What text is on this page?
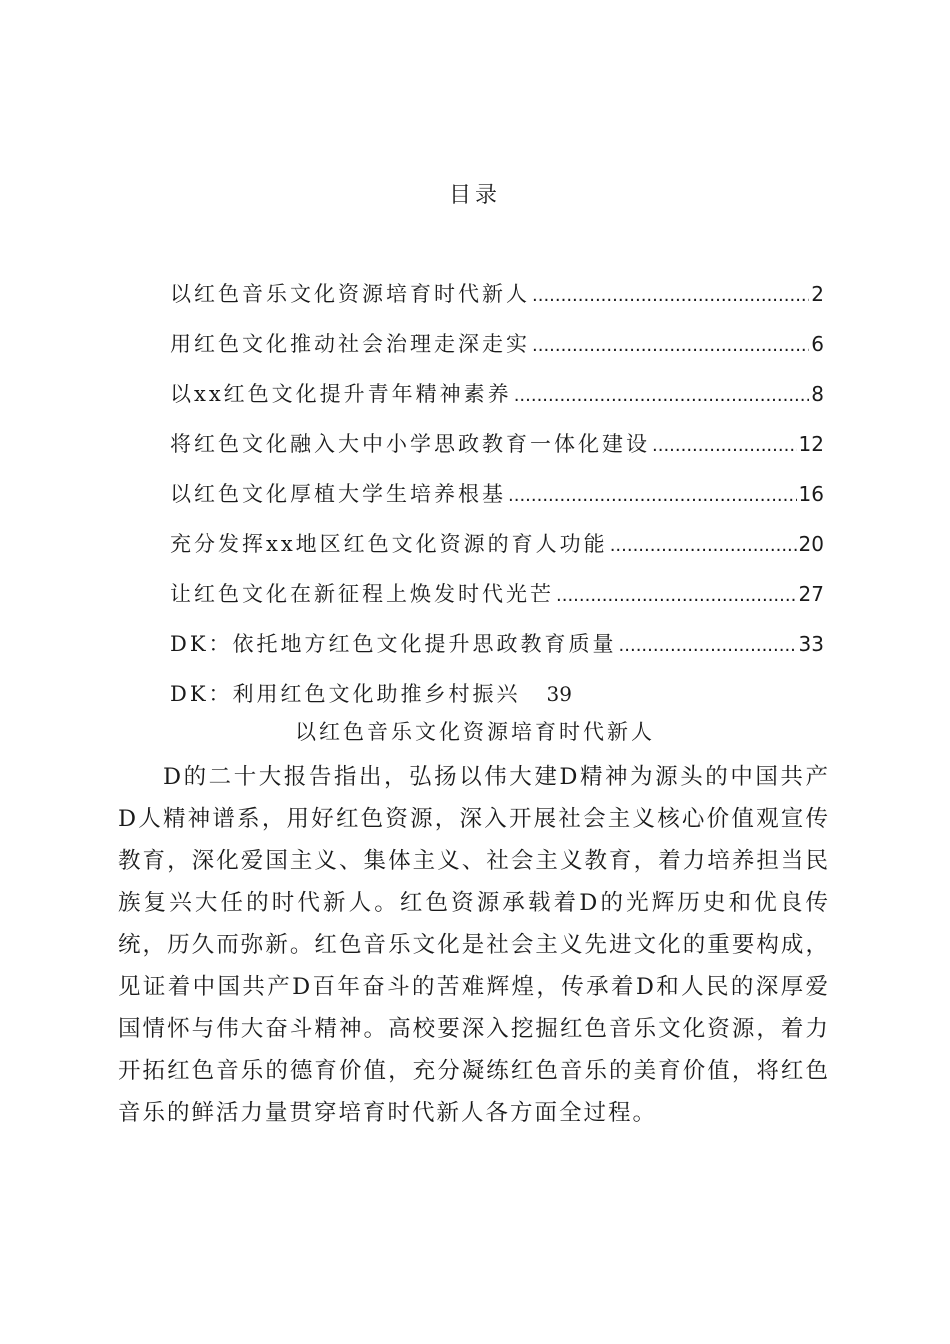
目录
以红色音乐文化资源培育时代新人 .....	2
用红色文化推动社会治理走深走实 .....	6
以xx红色文化提升青年精神素养 .....	8
将红色文化融入大中小学思政教育一体化建设 .....	12
以红色文化厚植大学生培养根基 .....	16
充分发挥xx地区红色文化资源的育人功能 .....	20
让红色文化在新征程上焕发时代光芒 .....	27
DK：依托地方红色文化提升思政教育质量 .....	33
DK：利用红色文化助推乡村振兴 39
以红色音乐文化资源培育时代新人

D的二十大报告指出，弘扬以伟大建D精神为源头的中国共产D人精神谱系，用好红色资源，深入开展社会主义核心价值观宣传教育，深化爱国主义、集体主义、社会主义教育，着力培养担当民族复兴大任的时代新人。红色资源承载着D的光辉历史和优良传统，历久而弥新。红色音乐文化是社会主义先进文化的重要构成，见证着中国共产D百年奋斗的苦难辉煌，传承着D和人民的深厚爱国情怀与伟大奋斗精神。高校要深入挖掘红色音乐文化资源，着力开拓红色音乐的德育价值，充分凝练红色音乐的美育价值，将红色音乐的鲜活力量贯穿培育时代新人各方面全过程。
